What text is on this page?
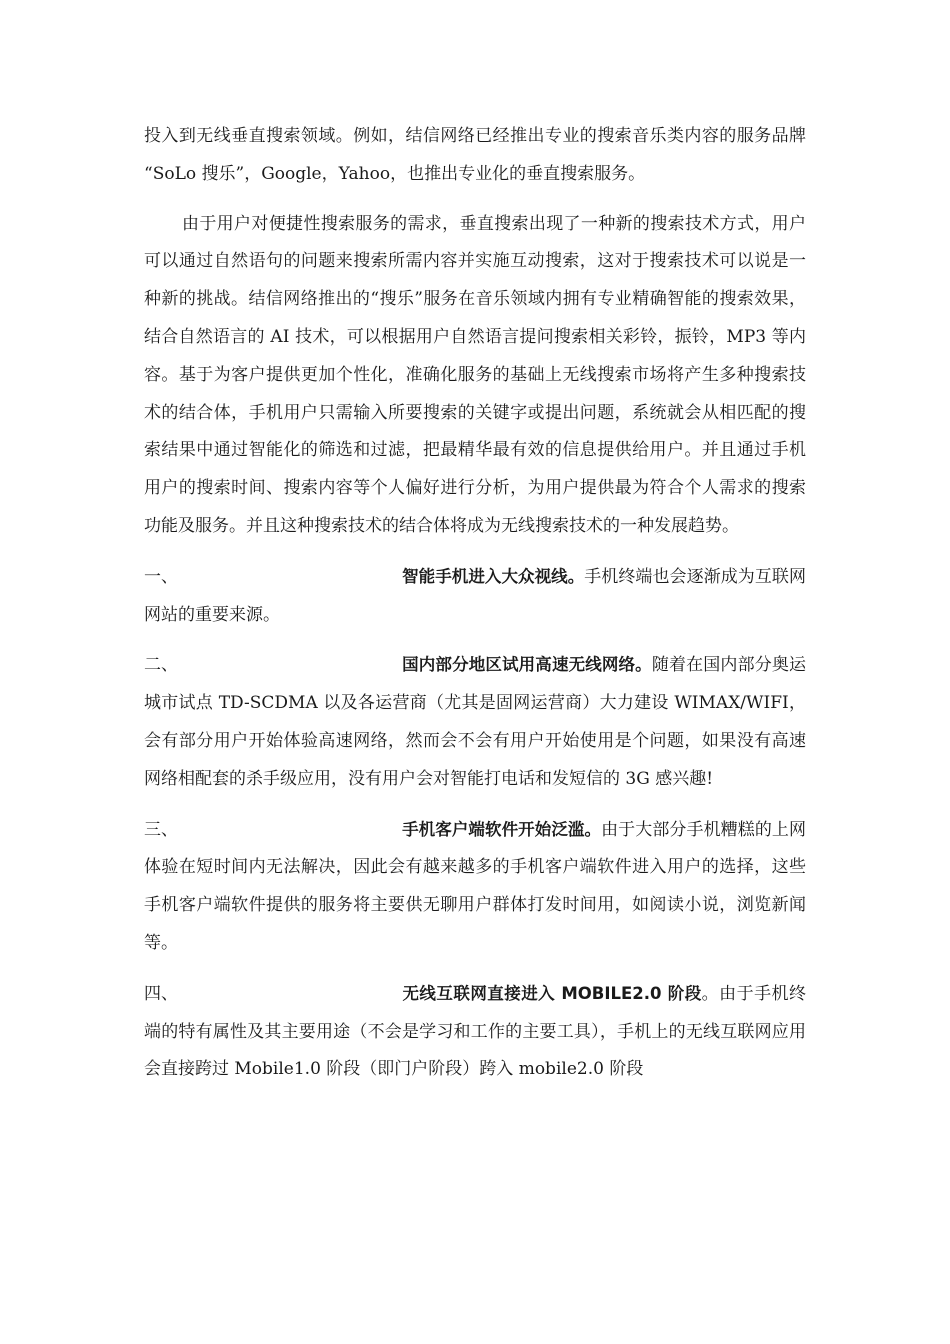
投入到无线垂直搜索领域。例如，结信网络已经推出专业的搜索音乐类内容的服务品牌 “SoLo 搜乐”，Google，Yahoo，也推出专业化的垂直搜索服务。

由于用户对便捷性搜索服务的需求，垂直搜索出现了一种新的搜索技术方式，用户可以通过自然语句的问题来搜索所需内容并实施互动搜索，这对于搜索技术可以说是一种新的挑战。结信网络推出的“搜乐”服务在音乐领域内拥有专业精确智能的搜索效果，结合自然语言的 AI 技术，可以根据用户自然语言提问搜索相关彩铃，振铃，MP3 等内容。基于为客户提供更加个性化，准确化服务的基础上无线搜索市场将产生多种搜索技术的结合体，手机用户只需输入所要搜索的关键字或提出问题，系统就会从相匹配的搜索结果中通过智能化的筛选和过滤，把最精华最有效的信息提供给用户。并且通过手机用户的搜索时间、搜索内容等个人偏好进行分析，为用户提供最为符合个人需求的搜索功能及服务。并且这种搜索技术的结合体将成为无线搜索技术的一种发展趋势。

一、	智能手机进入大众视线。手机终端也会逐渐成为互联网网站的重要来源。

二、	国内部分地区试用高速无线网络。随着在国内部分奥运城市试点 TD-SCDMA 以及各运营商（尤其是固网运营商）大力建设 WIMAX/WIFI，会有部分用户开始体验高速网络，然而会不会有用户开始使用是个问题，如果没有高速网络相配套的杀手级应用，没有用户会对智能打电话和发短信的 3G 感兴趣!

三、	手机客户端软件开始泛滥。由于大部分手机糟糕的上网体验在短时间内无法解决，因此会有越来越多的手机客户端软件进入用户的选择，这些手机客户端软件提供的服务将主要供无聊用户群体打发时间用，如阅读小说，浏览新闻等。

四、	无线互联网直接进入 MOBILE2.0 阶段。由于手机终端的特有属性及其主要用途（不会是学习和工作的主要工具），手机上的无线互联网应用会直接跨过 Mobile1.0 阶段（即门户阶段）跨入 mobile2.0 阶段
